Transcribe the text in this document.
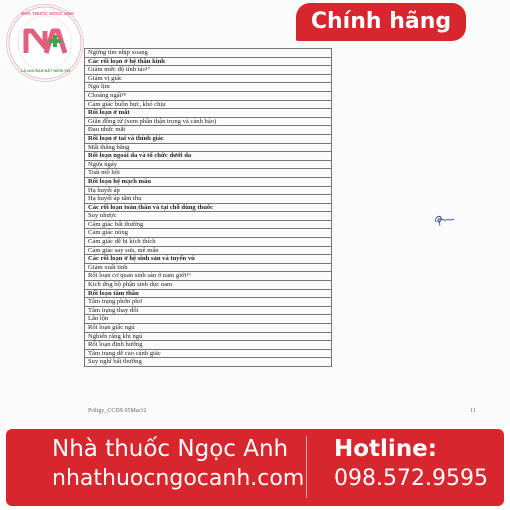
NHÀ THUỐC NGỌC ANH
LÀ NƠI BẠN ĐẶT NIỀM TIN
Chính hãng
Ngừng tim nhịp xoang
Các rối loạn ở hệ thần kinh
Giảm mức độ tỉnh táo¹⁷
Giảm vị giác
Ngủ lịm
Choáng ngất¹⁸
Cảm giác buồn bực, khó chịu
Rối loạn ở mắt
Giãn đồng tử (xem phần thận trọng và cảnh báo)
Đau nhức mắt
Rối loạn ở tai và thính giác
Mất thăng bằng
Rối loạn ngoài da và tổ chức dưới da
Ngứa ngáy
Toát mồ hôi
Rối loạn hệ mạch máu
Hạ huyết áp
Hạ huyết áp tâm thu
Các rối loạn toàn thân và tại chỗ dùng thuốc
Suy nhược
Cảm giác bất thường
Cảm giác nóng
Cảm giác dễ bị kích thích
Cảm giác say sưa, mê mẩn
Các rối loạn ở hệ sinh sản và tuyến vú
Giảm xuất tinh
Rối loạn cơ quan sinh sản ở nam giới¹⁹
Kích ứng bộ phận sinh dục nam
Rối loạn tâm thần
Tâm trạng phởn phơ
Tâm trạng thay đổi
Lẫn lộn
Rối loạn giấc ngủ
Nghiến răng khi ngủ
Rối loạn định hướng
Tâm trạng dễ cao cảnh giác
Suy nghĩ bất thường
Priligy_CCDS 05Mar12	11
Nhà thuốc Ngọc Anh
nhathuocngocanh.com
Hotline:
098.572.9595
